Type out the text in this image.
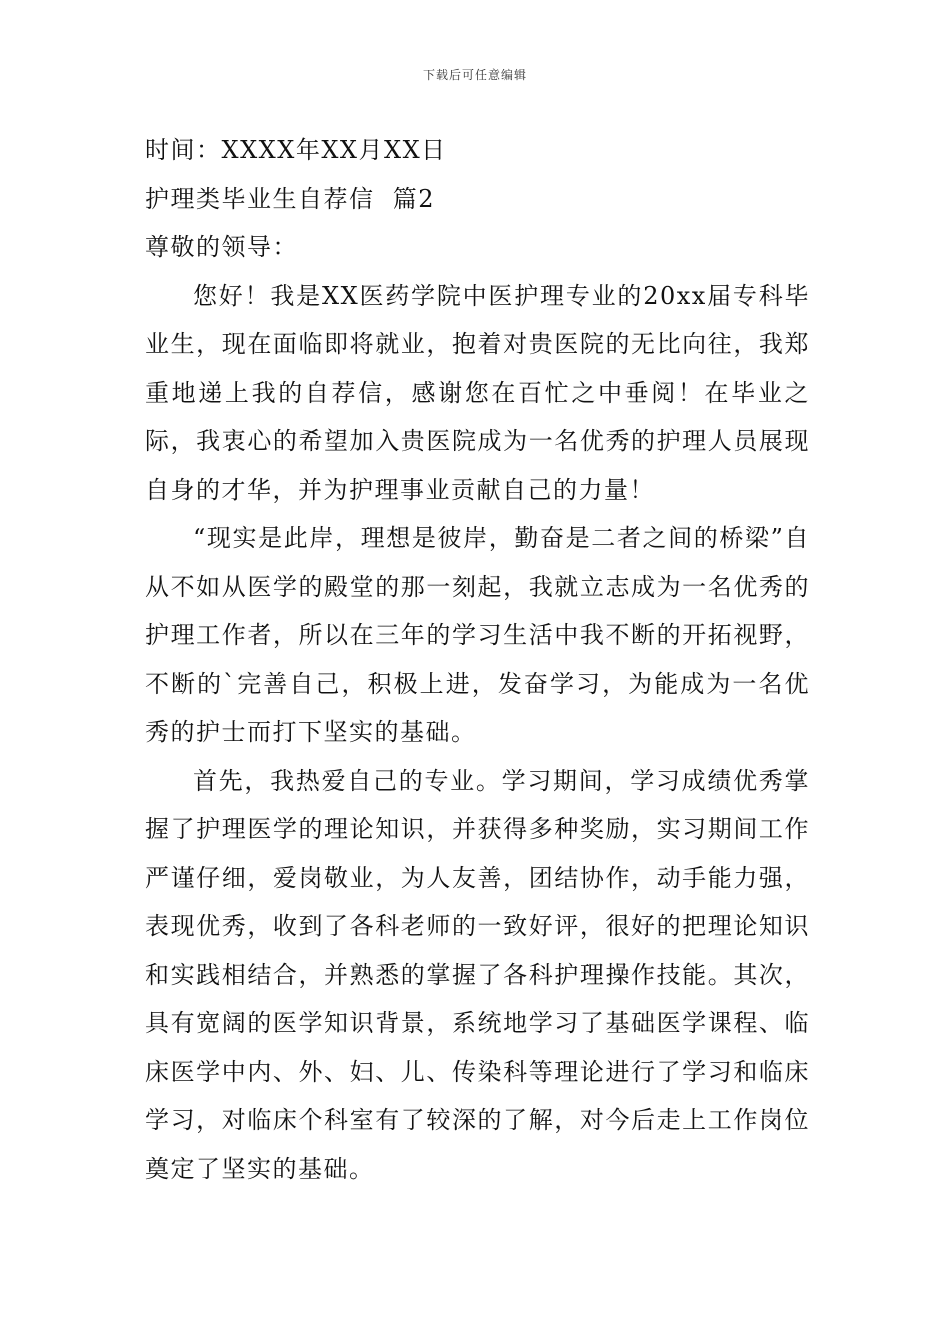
下载后可任意编辑
时间：XXXX年XX月XX日
护理类毕业生自荐信  篇2
尊敬的领导：

您好！我是XX医药学院中医护理专业的20xx届专科毕业生，现在面临即将就业，抱着对贵医院的无比向往，我郑重地递上我的自荐信，感谢您在百忙之中垂阅！在毕业之际，我衷心的希望加入贵医院成为一名优秀的护理人员展现自身的才华，并为护理事业贡献自己的力量！

“现实是此岸，理想是彼岸，勤奋是二者之间的桥梁”自从不如从医学的殿堂的那一刻起，我就立志成为一名优秀的护理工作者，所以在三年的学习生活中我不断的开拓视野，不断的`完善自己，积极上进，发奋学习，为能成为一名优秀的护士而打下坚实的基础。

首先，我热爱自己的专业。学习期间，学习成绩优秀掌握了护理医学的理论知识，并获得多种奖励，实习期间工作严谨仔细，爱岗敬业，为人友善，团结协作，动手能力强，表现优秀，收到了各科老师的一致好评，很好的把理论知识和实践相结合，并熟悉的掌握了各科护理操作技能。其次，具有宽阔的医学知识背景，系统地学习了基础医学课程、临床医学中内、外、妇、儿、传染科等理论进行了学习和临床学习，对临床个科室有了较深的了解，对今后走上工作岗位奠定了坚实的基础。
